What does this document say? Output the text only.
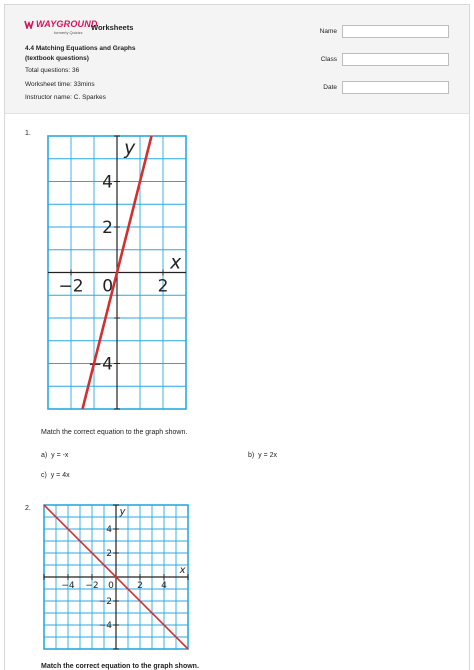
WAYGROUND
formerly Quizizz
Worksheets
4.4 Matching Equations and Graphs
(textbook questions)
Total questions: 36
Worksheet time: 33mins
Instructor name: C. Sparkes
Name
Class
Date
1.
−2 0	2
4
2
−4
x
y
Match the correct equation to the graph shown.
a) y = -x	b) y = 2x
c) y = 4x
2.
−4 −2 0	2 4
4
2
−2
−4
x
y
Match the correct equation to the graph shown.
